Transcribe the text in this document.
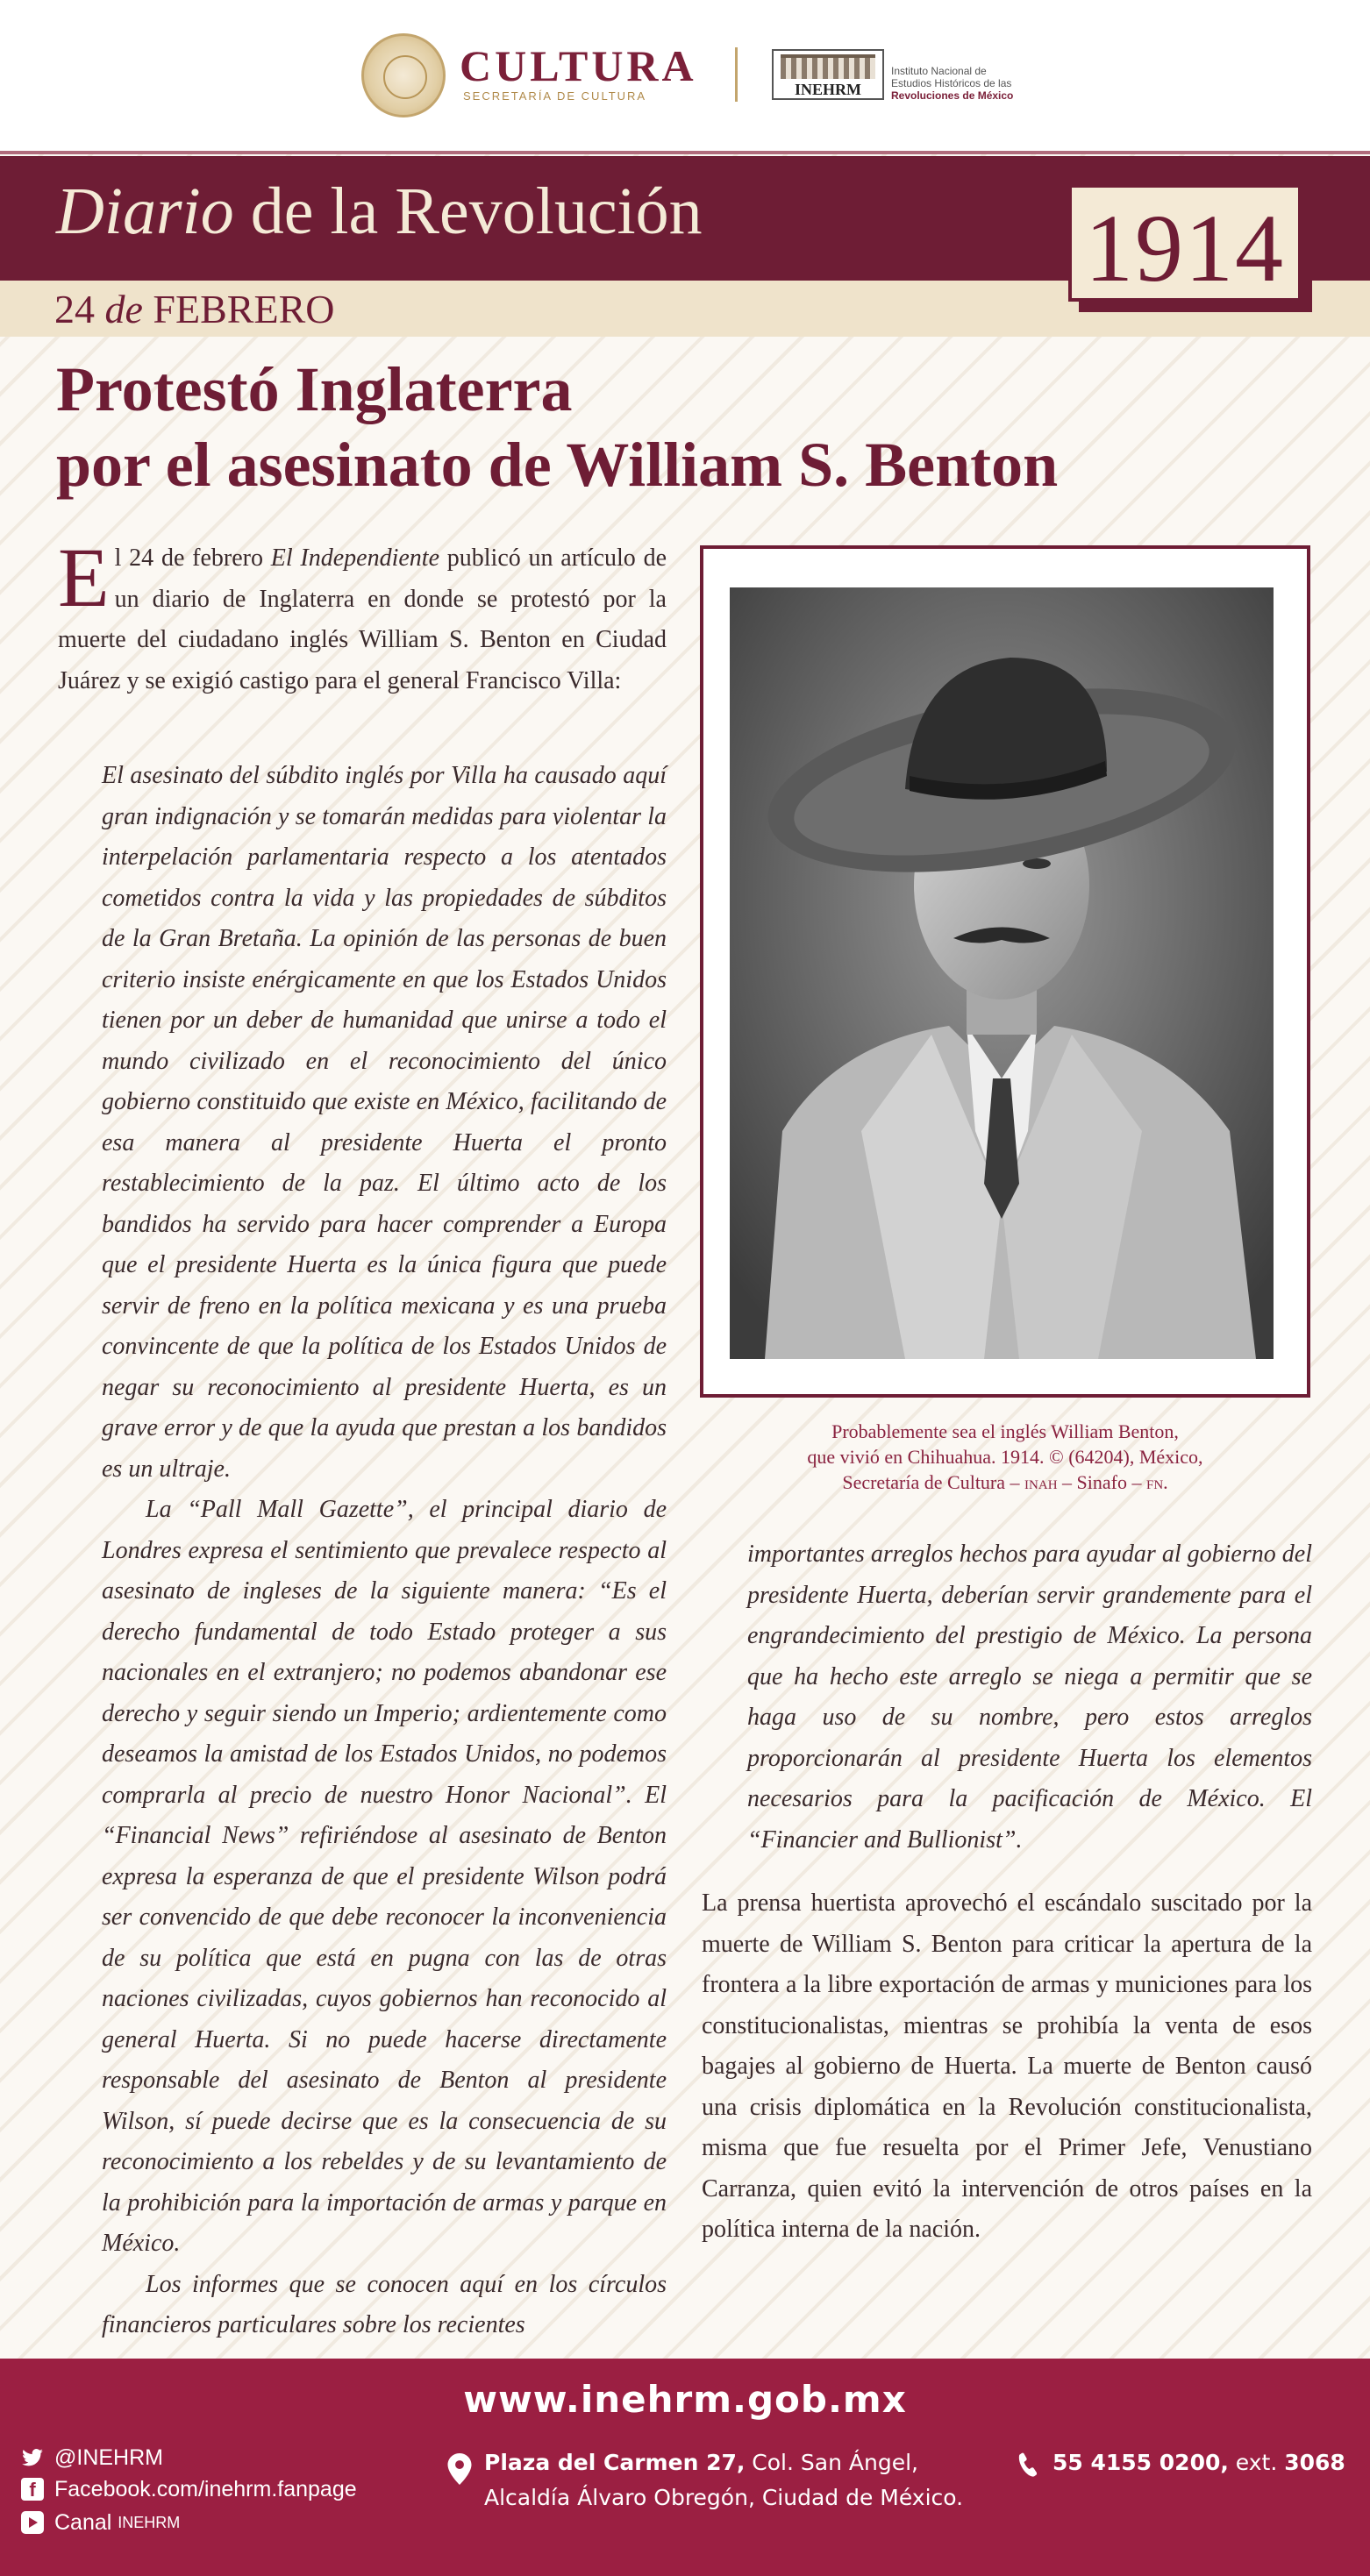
CULTURA
SECRETARÍA DE CULTURA	INEHRM
Instituto Nacional de
Estudios Históricos de las
Revoluciones de México
Diario de la Revolución
24 de FEBRERO
1914
Protestó Inglaterra
por el asesinato de William S. Benton
El 24 de febrero El Independiente publicó un artículo de un diario de Inglaterra en donde se protestó por la muerte del ciudadano inglés William S. Benton en Ciudad Juárez y se exigió castigo para el general Francisco Villa:

El asesinato del súbdito inglés por Villa ha causado aquí gran indignación y se tomarán medidas para violentar la interpelación parlamentaria respecto a los atentados cometidos contra la vida y las propiedades de súbditos de la Gran Bretaña. La opinión de las personas de buen criterio insiste enérgicamente en que los Estados Unidos tienen por un deber de humanidad que unirse a todo el mundo civilizado en el reconocimiento del único gobierno constituido que existe en México, facilitando de esa manera al presidente Huerta el pronto restablecimiento de la paz. El último acto de los bandidos ha servido para hacer comprender a Europa que el presidente Huerta es la única figura que puede servir de freno en la política mexicana y es una prueba convincente de que la política de los Estados Unidos de negar su reconocimiento al presidente Huerta, es un grave error y de que la ayuda que prestan a los bandidos es un ultraje.

La “Pall Mall Gazette”, el principal diario de Londres expresa el sentimiento que prevalece respecto al asesinato de ingleses de la siguiente manera: “Es el derecho fundamental de todo Estado proteger a sus nacionales en el extranjero; no podemos abandonar ese derecho y seguir siendo un Imperio; ardientemente como deseamos la amistad de los Estados Unidos, no podemos comprarla al precio de nuestro Honor Nacional”. El “Financial News” refiriéndose al asesinato de Benton expresa la esperanza de que el presidente Wilson podrá ser convencido de que debe reconocer la inconveniencia de su política que está en pugna con las de otras naciones civilizadas, cuyos gobiernos han reconocido al general Huerta. Si no puede hacerse directamente responsable del asesinato de Benton al presidente Wilson, sí puede decirse que es la consecuencia de su reconocimiento a los rebeldes y de su levantamiento de la prohibición para la importación de armas y parque en México.

Los informes que se conocen aquí en los círculos financieros particulares sobre los recientes

Probablemente sea el inglés William Benton,
que vivió en Chihuahua. 1914. © (64204), México,
Secretaría de Cultura – inah – Sinafo – fn.

importantes arreglos hechos para ayudar al gobierno del presidente Huerta, deberían servir grandemente para el engrandecimiento del prestigio de México. La persona que ha hecho este arreglo se niega a permitir que se haga uso de su nombre, pero estos arreglos proporcionarán al presidente Huerta los elementos necesarios para la pacificación de México. El “Financier and Bullionist”.

La prensa huertista aprovechó el escándalo suscitado por la muerte de William S. Benton para criticar la apertura de la frontera a la libre exportación de armas y municiones para los constitucionalistas, mientras se prohibía la venta de esos bagajes al gobierno de Huerta. La muerte de Benton causó una crisis diplomática en la Revolución constitucionalista, misma que fue resuelta por el Primer Jefe, Venustiano Carranza, quien evitó la intervención de otros países en la política interna de la nación.

www.inehrm.gob.mx
@INEHRM
f Facebook.com/inehrm.fanpage
Canal INEHRM
Plaza del Carmen 27, Col. San Ángel,
Alcaldía Álvaro Obregón, Ciudad de México.
55 4155 0200, ext. 3068
